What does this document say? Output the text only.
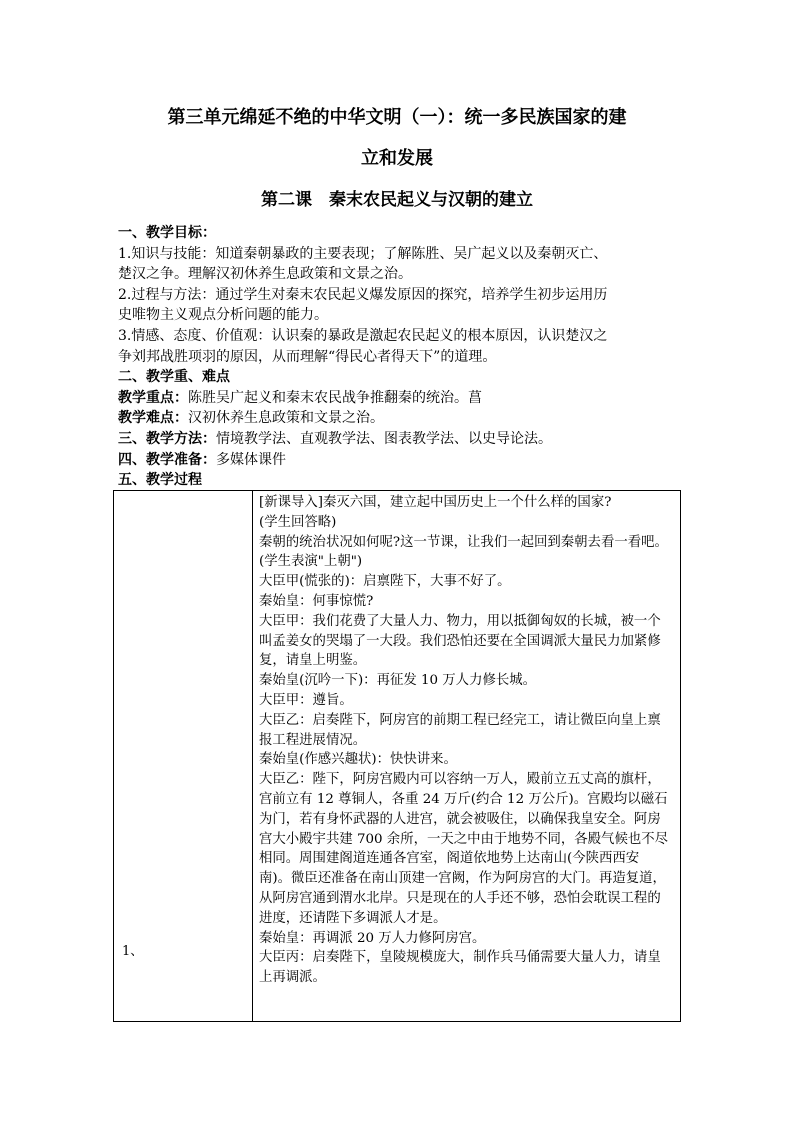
第三单元绵延不绝的中华文明（一）：统一多民族国家的建
立和发展
第二课　秦末农民起义与汉朝的建立
一、教学目标：
1.知识与技能：知道秦朝暴政的主要表现；了解陈胜、吴广起义以及秦朝灭亡、
楚汉之争。理解汉初休养生息政策和文景之治。
2.过程与方法：通过学生对秦末农民起义爆发原因的探究，培养学生初步运用历
史唯物主义观点分析问题的能力。
3.情感、态度、价值观：认识秦的暴政是激起农民起义的根本原因，认识楚汉之
争刘邦战胜项羽的原因，从而理解“得民心者得天下”的道理。
二、教学重、难点
教学重点：陈胜吴广起义和秦末农民战争推翻秦的统治。菖
教学难点：汉初休养生息政策和文景之治。
三、教学方法：情境教学法、直观教学法、图表教学法、以史导论法。
四、教学准备：多媒体课件
五、教学过程
1、
[新课导入]秦灭六国，建立起中国历史上一个什么样的国家?
(学生回答略)
秦朝的统治状况如何呢?这一节课，让我们一起回到秦朝去看一看吧。
(学生表演"上朝")
大臣甲(慌张的)：启禀陛下，大事不好了。
秦始皇：何事惊慌?
大臣甲：我们花费了大量人力、物力，用以抵御匈奴的长城，被一个
叫孟姜女的哭塌了一大段。我们恐怕还要在全国调派大量民力加紧修
复，请皇上明鉴。
秦始皇(沉吟一下)：再征发 10 万人力修长城。
大臣甲：遵旨。
大臣乙：启奏陛下，阿房宫的前期工程已经完工，请让微臣向皇上禀
报工程进展情况。
秦始皇(作感兴趣状)：快快讲来。
大臣乙：陛下，阿房宫殿内可以容纳一万人，殿前立五丈高的旗杆，
宫前立有 12 尊铜人，各重 24 万斤(约合 12 万公斤)。宫殿均以磁石
为门，若有身怀武器的人进宫，就会被吸住，以确保我皇安全。阿房
宫大小殿宇共建 700 余所，一天之中由于地势不同，各殿气候也不尽
相同。周围建阁道连通各宫室，阁道依地势上达南山(今陕西西安
南)。微臣还准备在南山顶建一宫阙，作为阿房宫的大门。再造复道，
从阿房宫通到渭水北岸。只是现在的人手还不够，恐怕会耽误工程的
进度，还请陛下多调派人才是。
秦始皇：再调派 20 万人力修阿房宫。
大臣丙：启奏陛下，皇陵规模庞大，制作兵马俑需要大量人力，请皇
上再调派。
